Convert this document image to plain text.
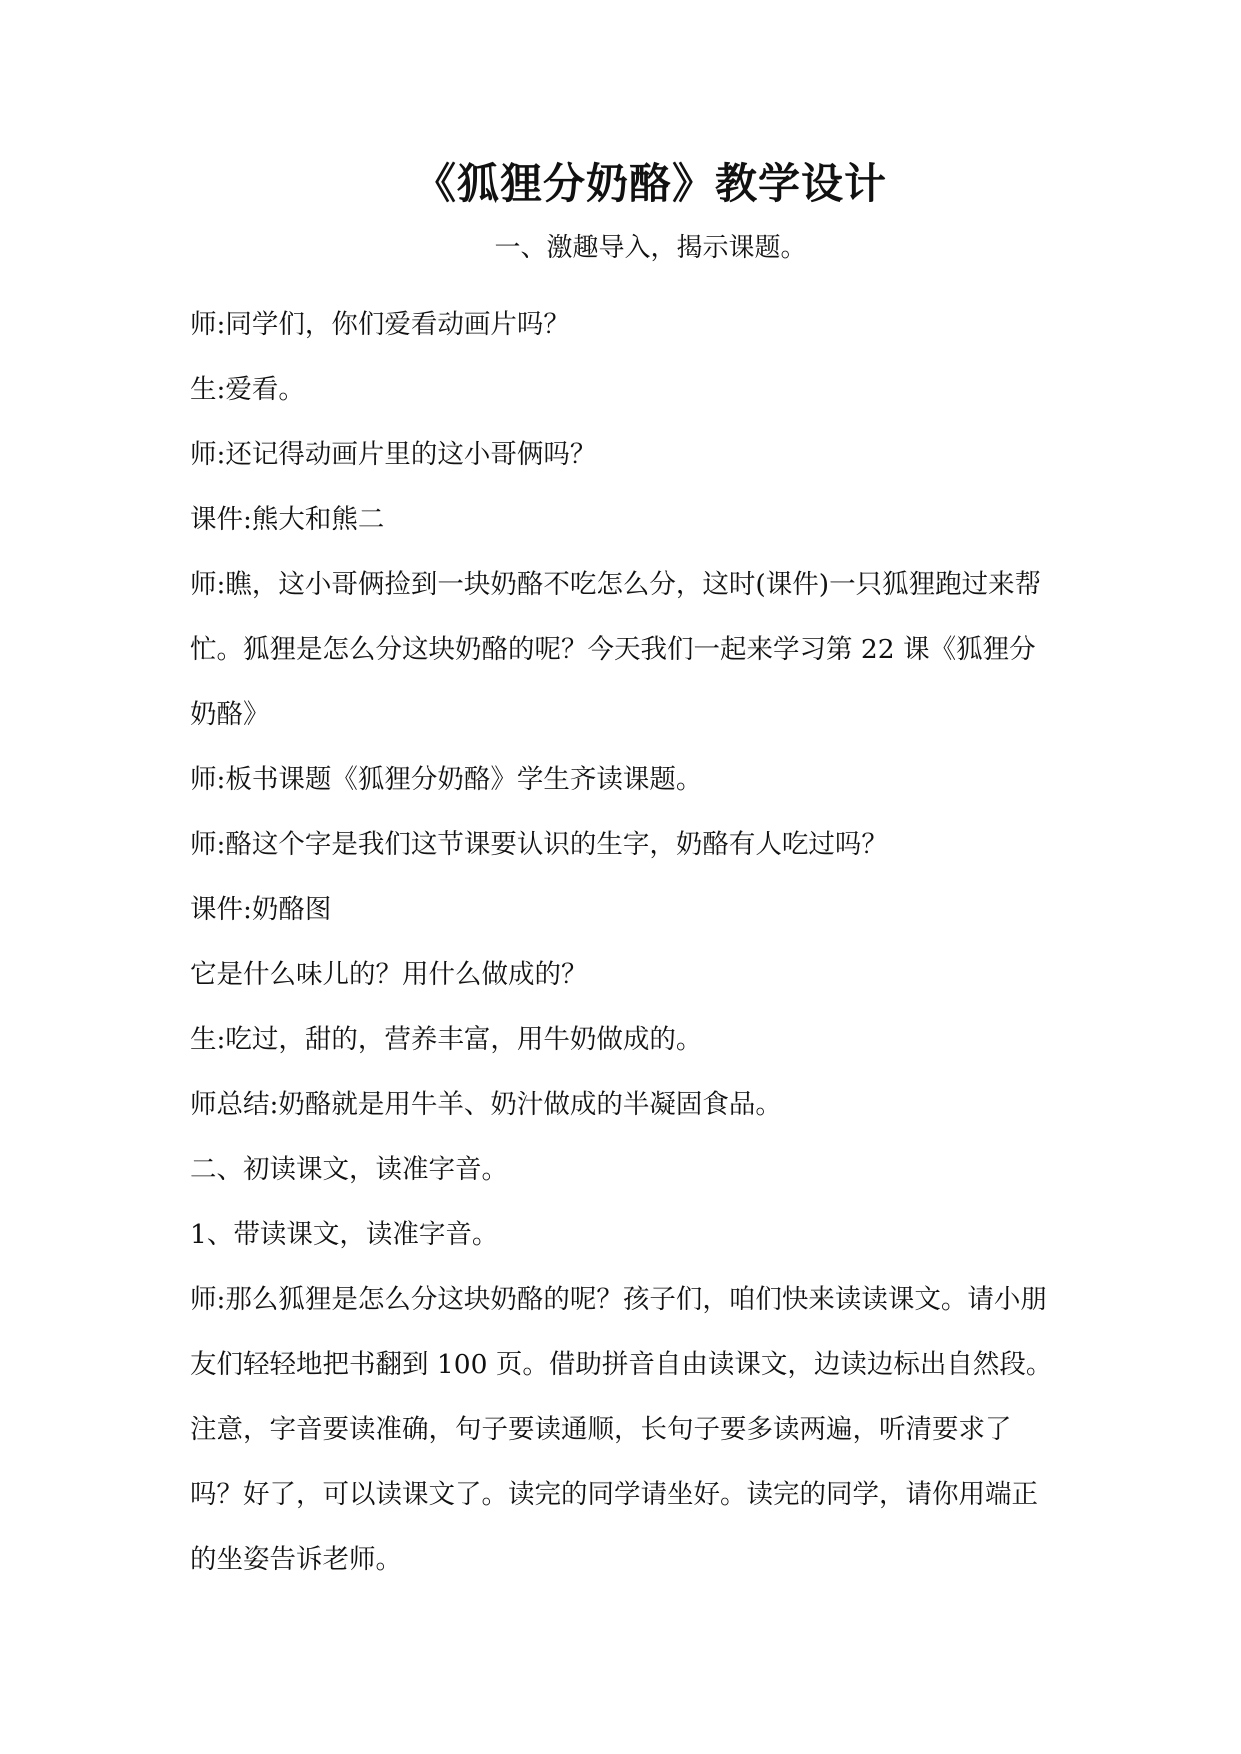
《狐狸分奶酪》教学设计
一、激趣导入，揭示课题。

师:同学们，你们爱看动画片吗？

生:爱看。

师:还记得动画片里的这小哥俩吗？

课件:熊大和熊二

师:瞧，这小哥俩捡到一块奶酪不吃怎么分，这时(课件)一只狐狸跑过来帮忙。狐狸是怎么分这块奶酪的呢？今天我们一起来学习第 22 课《狐狸分奶酪》

师:板书课题《狐狸分奶酪》学生齐读课题。

师:酪这个字是我们这节课要认识的生字，奶酪有人吃过吗？

课件:奶酪图

它是什么味儿的？用什么做成的？

生:吃过，甜的，营养丰富，用牛奶做成的。

师总结:奶酪就是用牛羊、奶汁做成的半凝固食品。

二、初读课文，读准字音。

1、带读课文，读准字音。

师:那么狐狸是怎么分这块奶酪的呢？孩子们，咱们快来读读课文。请小朋友们轻轻地把书翻到 100 页。借助拼音自由读课文，边读边标出自然段。注意，字音要读准确，句子要读通顺，长句子要多读两遍，听清要求了吗？好了，可以读课文了。读完的同学请坐好。读完的同学，请你用端正的坐姿告诉老师。
